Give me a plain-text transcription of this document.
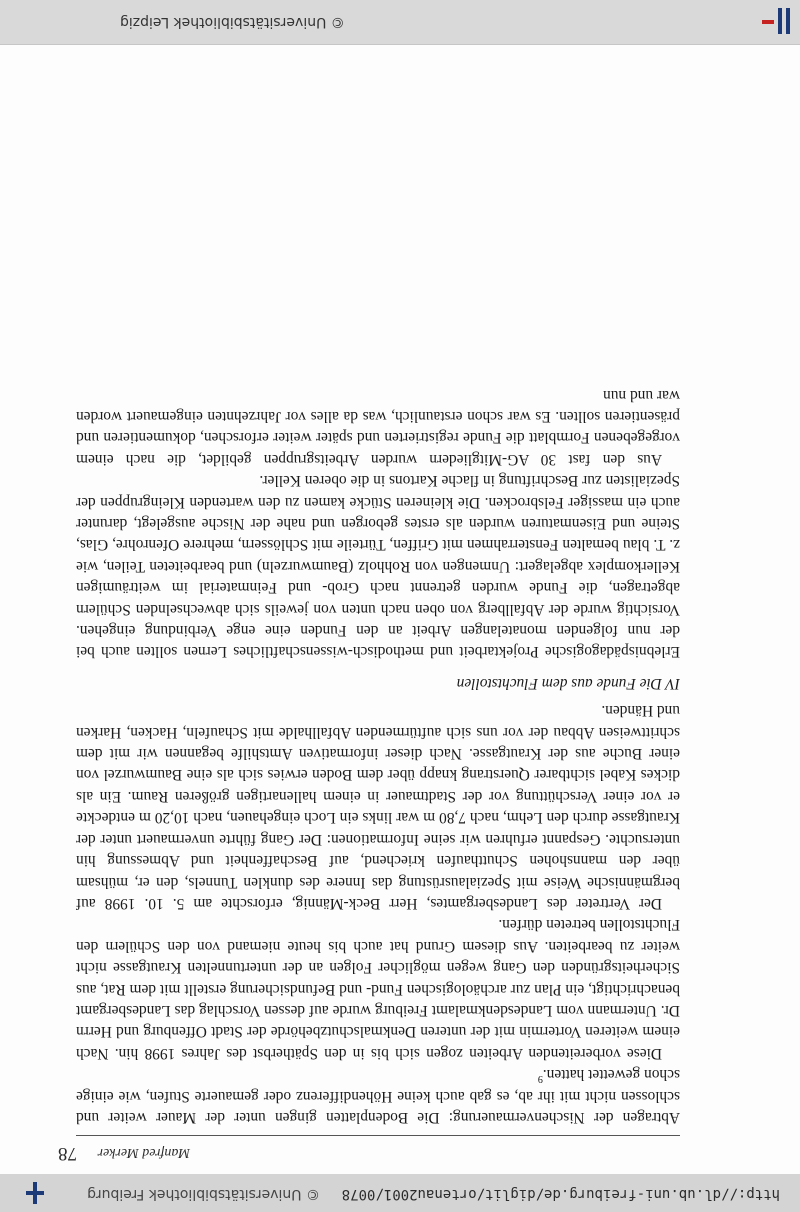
© Universitätsbibliothek Freiburg http://dl.ub.uni-freiburg.de/diglit/ortenau2001/0078
78 Manfred Merker

Abtragen der Nischenvermauerung: Die Bodenplatten gingen unter der Mauer weiter und schlossen nicht mit ihr ab, es gab auch keine Höhendifferenz oder gemauerte Stufen, wie einige schon gewettet hatten.$^9$

Diese vorbereitenden Arbeiten zogen sich bis in den Spätherbst des Jahres 1998 hin. Nach einem weiteren Vortermin mit der unteren Denkmalschutzbehörde der Stadt Offenburg und Herrn Dr. Untermann vom Landesdenkmalamt Freiburg wurde auf dessen Vorschlag das Landesbergamt benachrichtigt, ein Plan zur archäologischen Fund- und Befundsicherung erstellt mit dem Rat, aus Sicherheitsgründen den Gang wegen möglicher Folgen an der untertunnelten Krautgasse nicht weiter zu bearbeiten. Aus diesem Grund hat auch bis heute niemand von den Schülern den Fluchtstollen betreten dürfen.

Der Vertreter des Landesbergamtes, Herr Beck-Männig, erforschte am 5. 10. 1998 auf bergmännische Weise mit Spezialausrüstung das Innere des dunklen Tunnels, den er, mühsam über den mannshohen Schutthaufen kriechend, auf Beschaffenheit und Abmessung hin untersuchte. Gespannt erfuhren wir seine Informationen: Der Gang führte unvermauert unter der Krautgasse durch den Lehm, nach 7,80 m war links ein Loch eingehauen, nach 10,20 m entdeckte er vor einer Verschüttung vor der Stadtmauer in einem hallenartigen größeren Raum. Ein als dickes Kabel sichtbarer Querstrang knapp über dem Boden erwies sich als eine Baumwurzel von einer Buche aus der Krautgasse. Nach dieser informativen Amtshilfe begannen wir mit dem schrittweisen Abbau der vor uns sich auftürmenden Abfallhalde mit Schaufeln, Hacken, Harken und Händen.

IV Die Funde aus dem Fluchtstollen

Erlebnispädagogische Projektarbeit und methodisch-wissenschaftliches Lernen sollten auch bei der nun folgenden monatelangen Arbeit an den Funden eine enge Verbindung eingehen. Vorsichtig wurde der Abfallberg von oben nach unten von jeweils sich abwechselnden Schülern abgetragen, die Funde wurden getrennt nach Grob- und Feinmaterial im weiträumigen Kellerkomplex abgelagert: Unmengen von Rohholz (Baumwurzeln) und bearbeiteten Teilen, wie z. T. blau bemalten Fensterrahmen mit Griffen, Türteile mit Schlössern, mehrere Ofenrohre, Glas, Steine und Eisenmaturen wurden als erstes geborgen und nahe der Nische ausgelegt, darunter auch ein massiger Felsbrocken. Die kleineren Stücke kamen zu den wartenden Kleingruppen der Spezialisten zur Beschriftung in flache Kartons in die oberen Keller.

Aus den fast 30 AG-Mitgliedern wurden Arbeitsgruppen gebildet, die nach einem vorgegebenen Formblatt die Funde registrierten und später weiter erforschen, dokumentieren und präsentieren sollten. Es war schon erstaunlich, was da alles vor Jahrzehnten eingemauert worden war und nun

© Universitätsbibliothek Leipzig
